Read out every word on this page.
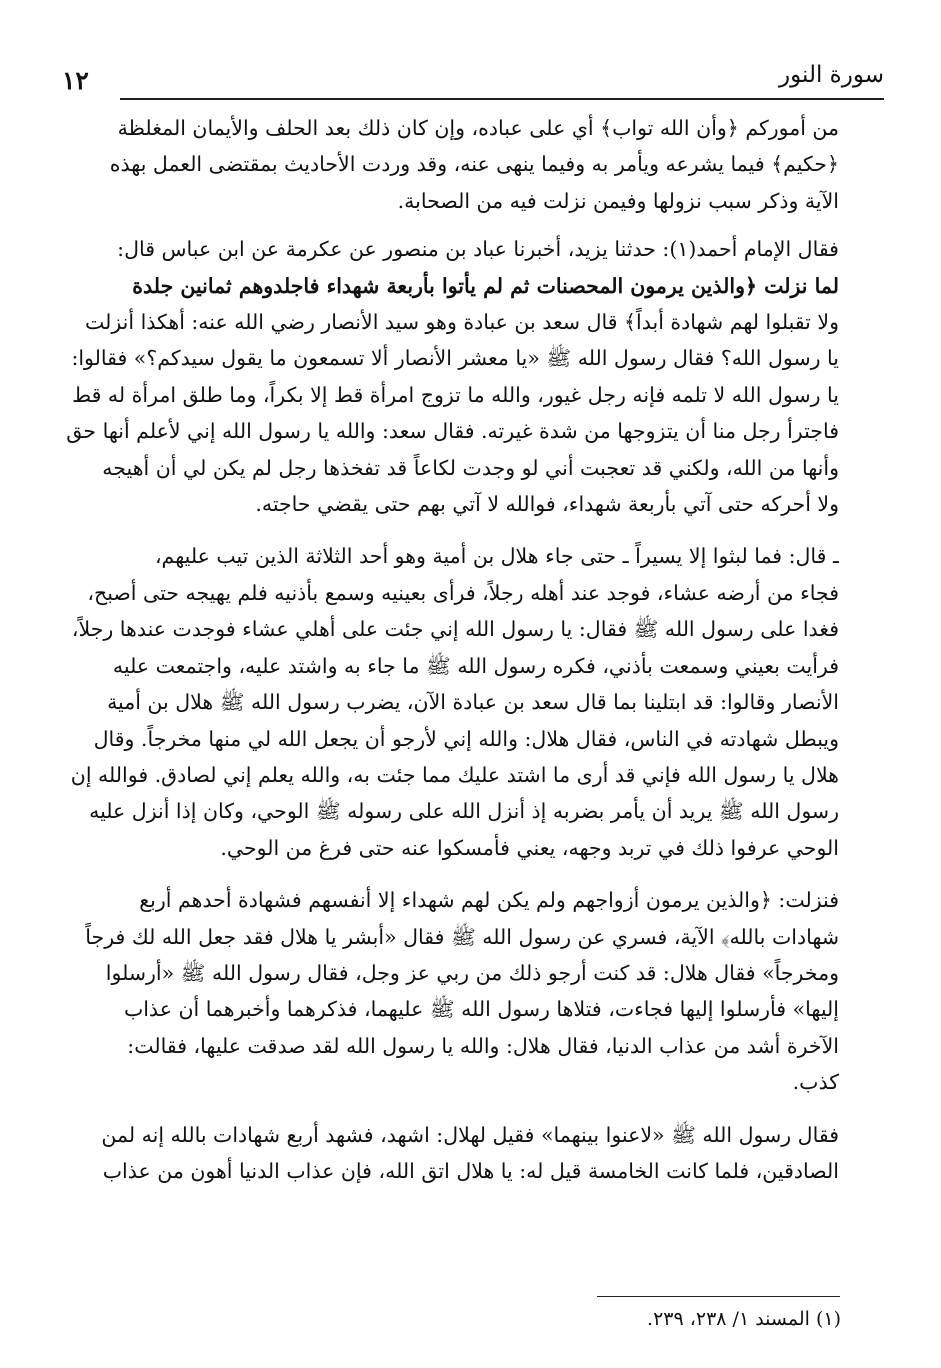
١٢	سورة النور

من أموركم ﴿وأن الله تواب﴾ أي على عباده، وإن كان ذلك بعد الحلف والأيمان المغلظة
﴿حكيم﴾ فيما يشرعه ويأمر به وفيما ينهى عنه، وقد وردت الأحاديث بمقتضى العمل بهذه
الآية وذكر سبب نزولها وفيمن نزلت فيه من الصحابة.

فقال الإمام أحمد(١): حدثنا يزيد، أخبرنا عباد بن منصور عن عكرمة عن ابن عباس قال:
لما نزلت ﴿والذين يرمون المحصنات ثم لم يأتوا بأربعة شهداء فاجلدوهم ثمانين جلدة
ولا تقبلوا لهم شهادة أبداً﴾ قال سعد بن عبادة وهو سيد الأنصار رضي الله عنه: أهكذا أنزلت
يا رسول الله؟ فقال رسول الله ﷺ «يا معشر الأنصار ألا تسمعون ما يقول سيدكم؟» فقالوا:
يا رسول الله لا تلمه فإنه رجل غيور، والله ما تزوج امرأة قط إلا بكراً، وما طلق امرأة له قط
فاجترأ رجل منا أن يتزوجها من شدة غيرته. فقال سعد: والله يا رسول الله إني لأعلم أنها حق
وأنها من الله، ولكني قد تعجبت أني لو وجدت لكاعاً قد تفخذها رجل لم يكن لي أن أهيجه
ولا أحركه حتى آتي بأربعة شهداء، فوالله لا آتي بهم حتى يقضي حاجته.

ـ قال: فما لبثوا إلا يسيراً ـ حتى جاء هلال بن أمية وهو أحد الثلاثة الذين تيب عليهم،
فجاء من أرضه عشاء، فوجد عند أهله رجلاً، فرأى بعينيه وسمع بأذنيه فلم يهيجه حتى أصبح،
فغدا على رسول الله ﷺ فقال: يا رسول الله إني جئت على أهلي عشاء فوجدت عندها رجلاً،
فرأيت بعيني وسمعت بأذني، فكره رسول الله ﷺ ما جاء به واشتد عليه، واجتمعت عليه
الأنصار وقالوا: قد ابتلينا بما قال سعد بن عبادة الآن، يضرب رسول الله ﷺ هلال بن أمية
ويبطل شهادته في الناس، فقال هلال: والله إني لأرجو أن يجعل الله لي منها مخرجاً. وقال
هلال يا رسول الله فإني قد أرى ما اشتد عليك مما جئت به، والله يعلم إني لصادق. فوالله إن
رسول الله ﷺ يريد أن يأمر بضربه إذ أنزل الله على رسوله ﷺ الوحي، وكان إذا أنزل عليه
الوحي عرفوا ذلك في تربد وجهه، يعني فأمسكوا عنه حتى فرغ من الوحي.

فنزلت: ﴿والذين يرمون أزواجهم ولم يكن لهم شهداء إلا أنفسهم فشهادة أحدهم أربع
شهادات بالله﴾ الآية، فسري عن رسول الله ﷺ فقال «أبشر يا هلال فقد جعل الله لك فرجاً
ومخرجاً» فقال هلال: قد كنت أرجو ذلك من ربي عز وجل، فقال رسول الله ﷺ «أرسلوا
إليها» فأرسلوا إليها فجاءت، فتلاها رسول الله ﷺ عليهما، فذكرهما وأخبرهما أن عذاب
الآخرة أشد من عذاب الدنيا، فقال هلال: والله يا رسول الله لقد صدقت عليها، فقالت:
كذب.

فقال رسول الله ﷺ «لاعنوا بينهما» فقيل لهلال: اشهد، فشهد أربع شهادات بالله إنه لمن
الصادقين، فلما كانت الخامسة قيل له: يا هلال اتق الله، فإن عذاب الدنيا أهون من عذاب

(١) المسند ١/ ٢٣٨، ٢٣٩.
